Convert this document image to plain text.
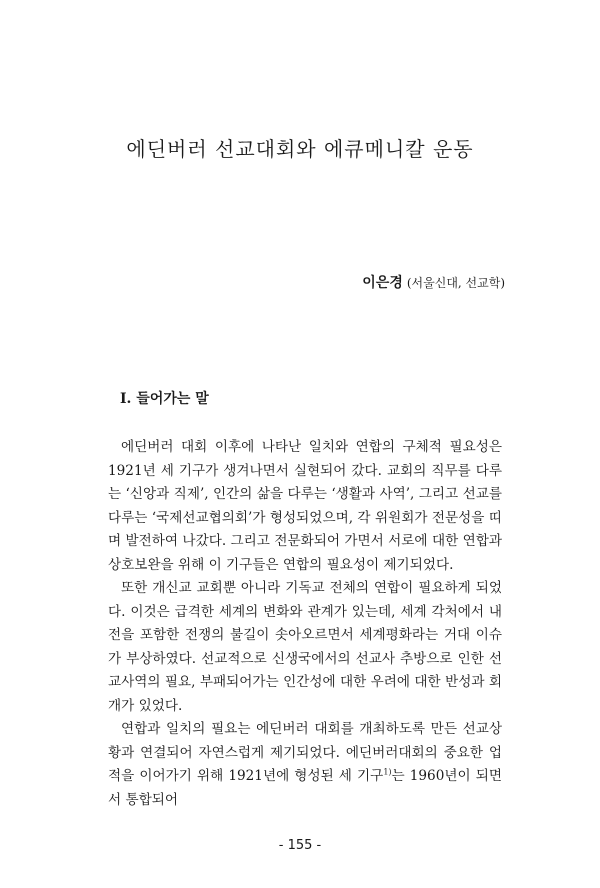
에딘버러 선교대회와 에큐메니칼 운동
이은경 (서울신대, 선교학)
Ⅰ. 들어가는 말

에딘버러 대회 이후에 나타난 일치와 연합의 구체적 필요성은 1921년 세 기구가 생겨나면서 실현되어 갔다. 교회의 직무를 다루는 ‘신앙과 직제’, 인간의 삶을 다루는 ‘생활과 사역’, 그리고 선교를 다루는 ‘국제선교협의회’가 형성되었으며, 각 위원회가 전문성을 띠며 발전하여 나갔다. 그리고 전문화되어 가면서 서로에 대한 연합과 상호보완을 위해 이 기구들은 연합의 필요성이 제기되었다.

또한 개신교 교회뿐 아니라 기독교 전체의 연합이 필요하게 되었다. 이것은 급격한 세계의 변화와 관계가 있는데, 세계 각처에서 내전을 포함한 전쟁의 불길이 솟아오르면서 세계평화라는 거대 이슈가 부상하였다. 선교적으로 신생국에서의 선교사 추방으로 인한 선교사역의 필요, 부패되어가는 인간성에 대한 우려에 대한 반성과 회개가 있었다.

연합과 일치의 필요는 에딘버러 대회를 개최하도록 만든 선교상황과 연결되어 자연스럽게 제기되었다. 에딘버러대회의 중요한 업적을 이어가기 위해 1921년에 형성된 세 기구$^{1)}$는 1960년이 되면서 통합되어

- 155 -
